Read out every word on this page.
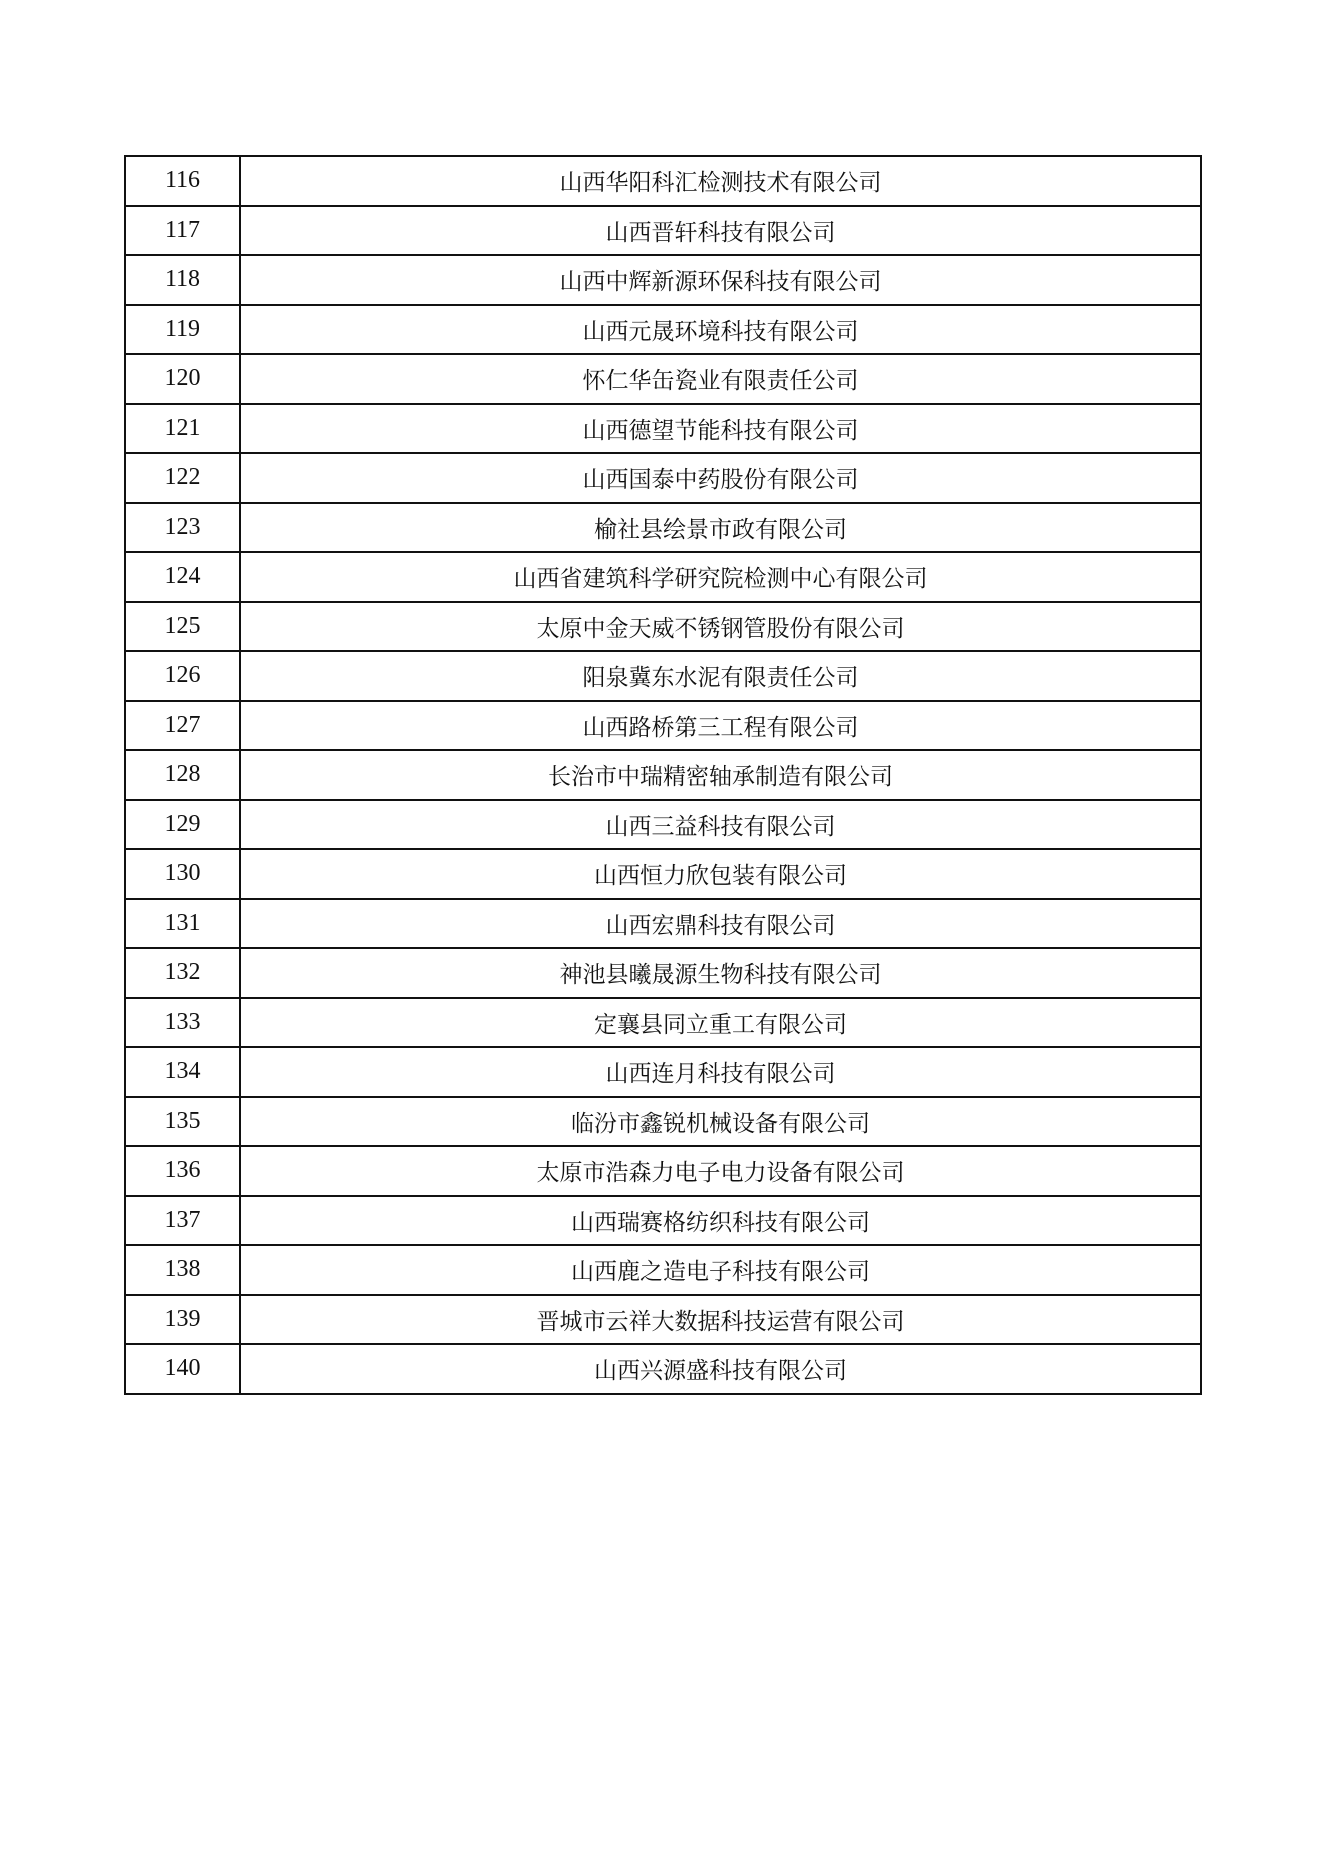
116	山西华阳科汇检测技术有限公司
117	山西晋轩科技有限公司
118	山西中辉新源环保科技有限公司
119	山西元晟环境科技有限公司
120	怀仁华缶瓷业有限责任公司
121	山西德望节能科技有限公司
122	山西国泰中药股份有限公司
123	榆社县绘景市政有限公司
124	山西省建筑科学研究院检测中心有限公司
125	太原中金天威不锈钢管股份有限公司
126	阳泉冀东水泥有限责任公司
127	山西路桥第三工程有限公司
128	长治市中瑞精密轴承制造有限公司
129	山西三益科技有限公司
130	山西恒力欣包装有限公司
131	山西宏鼎科技有限公司
132	神池县曦晟源生物科技有限公司
133	定襄县同立重工有限公司
134	山西连月科技有限公司
135	临汾市鑫锐机械设备有限公司
136	太原市浩森力电子电力设备有限公司
137	山西瑞赛格纺织科技有限公司
138	山西鹿之造电子科技有限公司
139	晋城市云祥大数据科技运营有限公司
140	山西兴源盛科技有限公司
